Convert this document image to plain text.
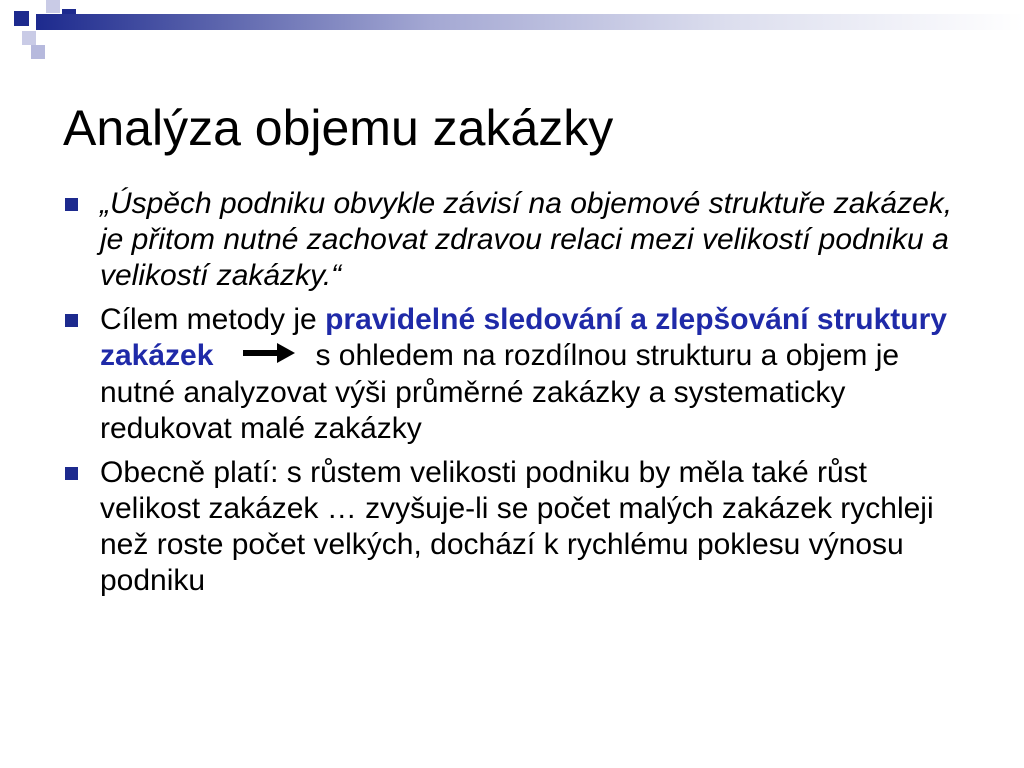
Analýza objemu zakázky
„Úspěch podniku obvykle závisí na objemové struktuře zakázek, je přitom nutné zachovat zdravou relaci mezi velikostí podniku a velikostí zakázky.“
Cílem metody je pravidelné sledování a zlepšování struktury zakázek	s ohledem na rozdílnou strukturu a objem je nutné analyzovat výši průměrné zakázky a systematicky redukovat malé zakázky
Obecně platí: s růstem velikosti podniku by měla také růst velikost zakázek … zvyšuje-li se počet malých zakázek rychleji než roste počet velkých, dochází k rychlému poklesu výnosu podniku
